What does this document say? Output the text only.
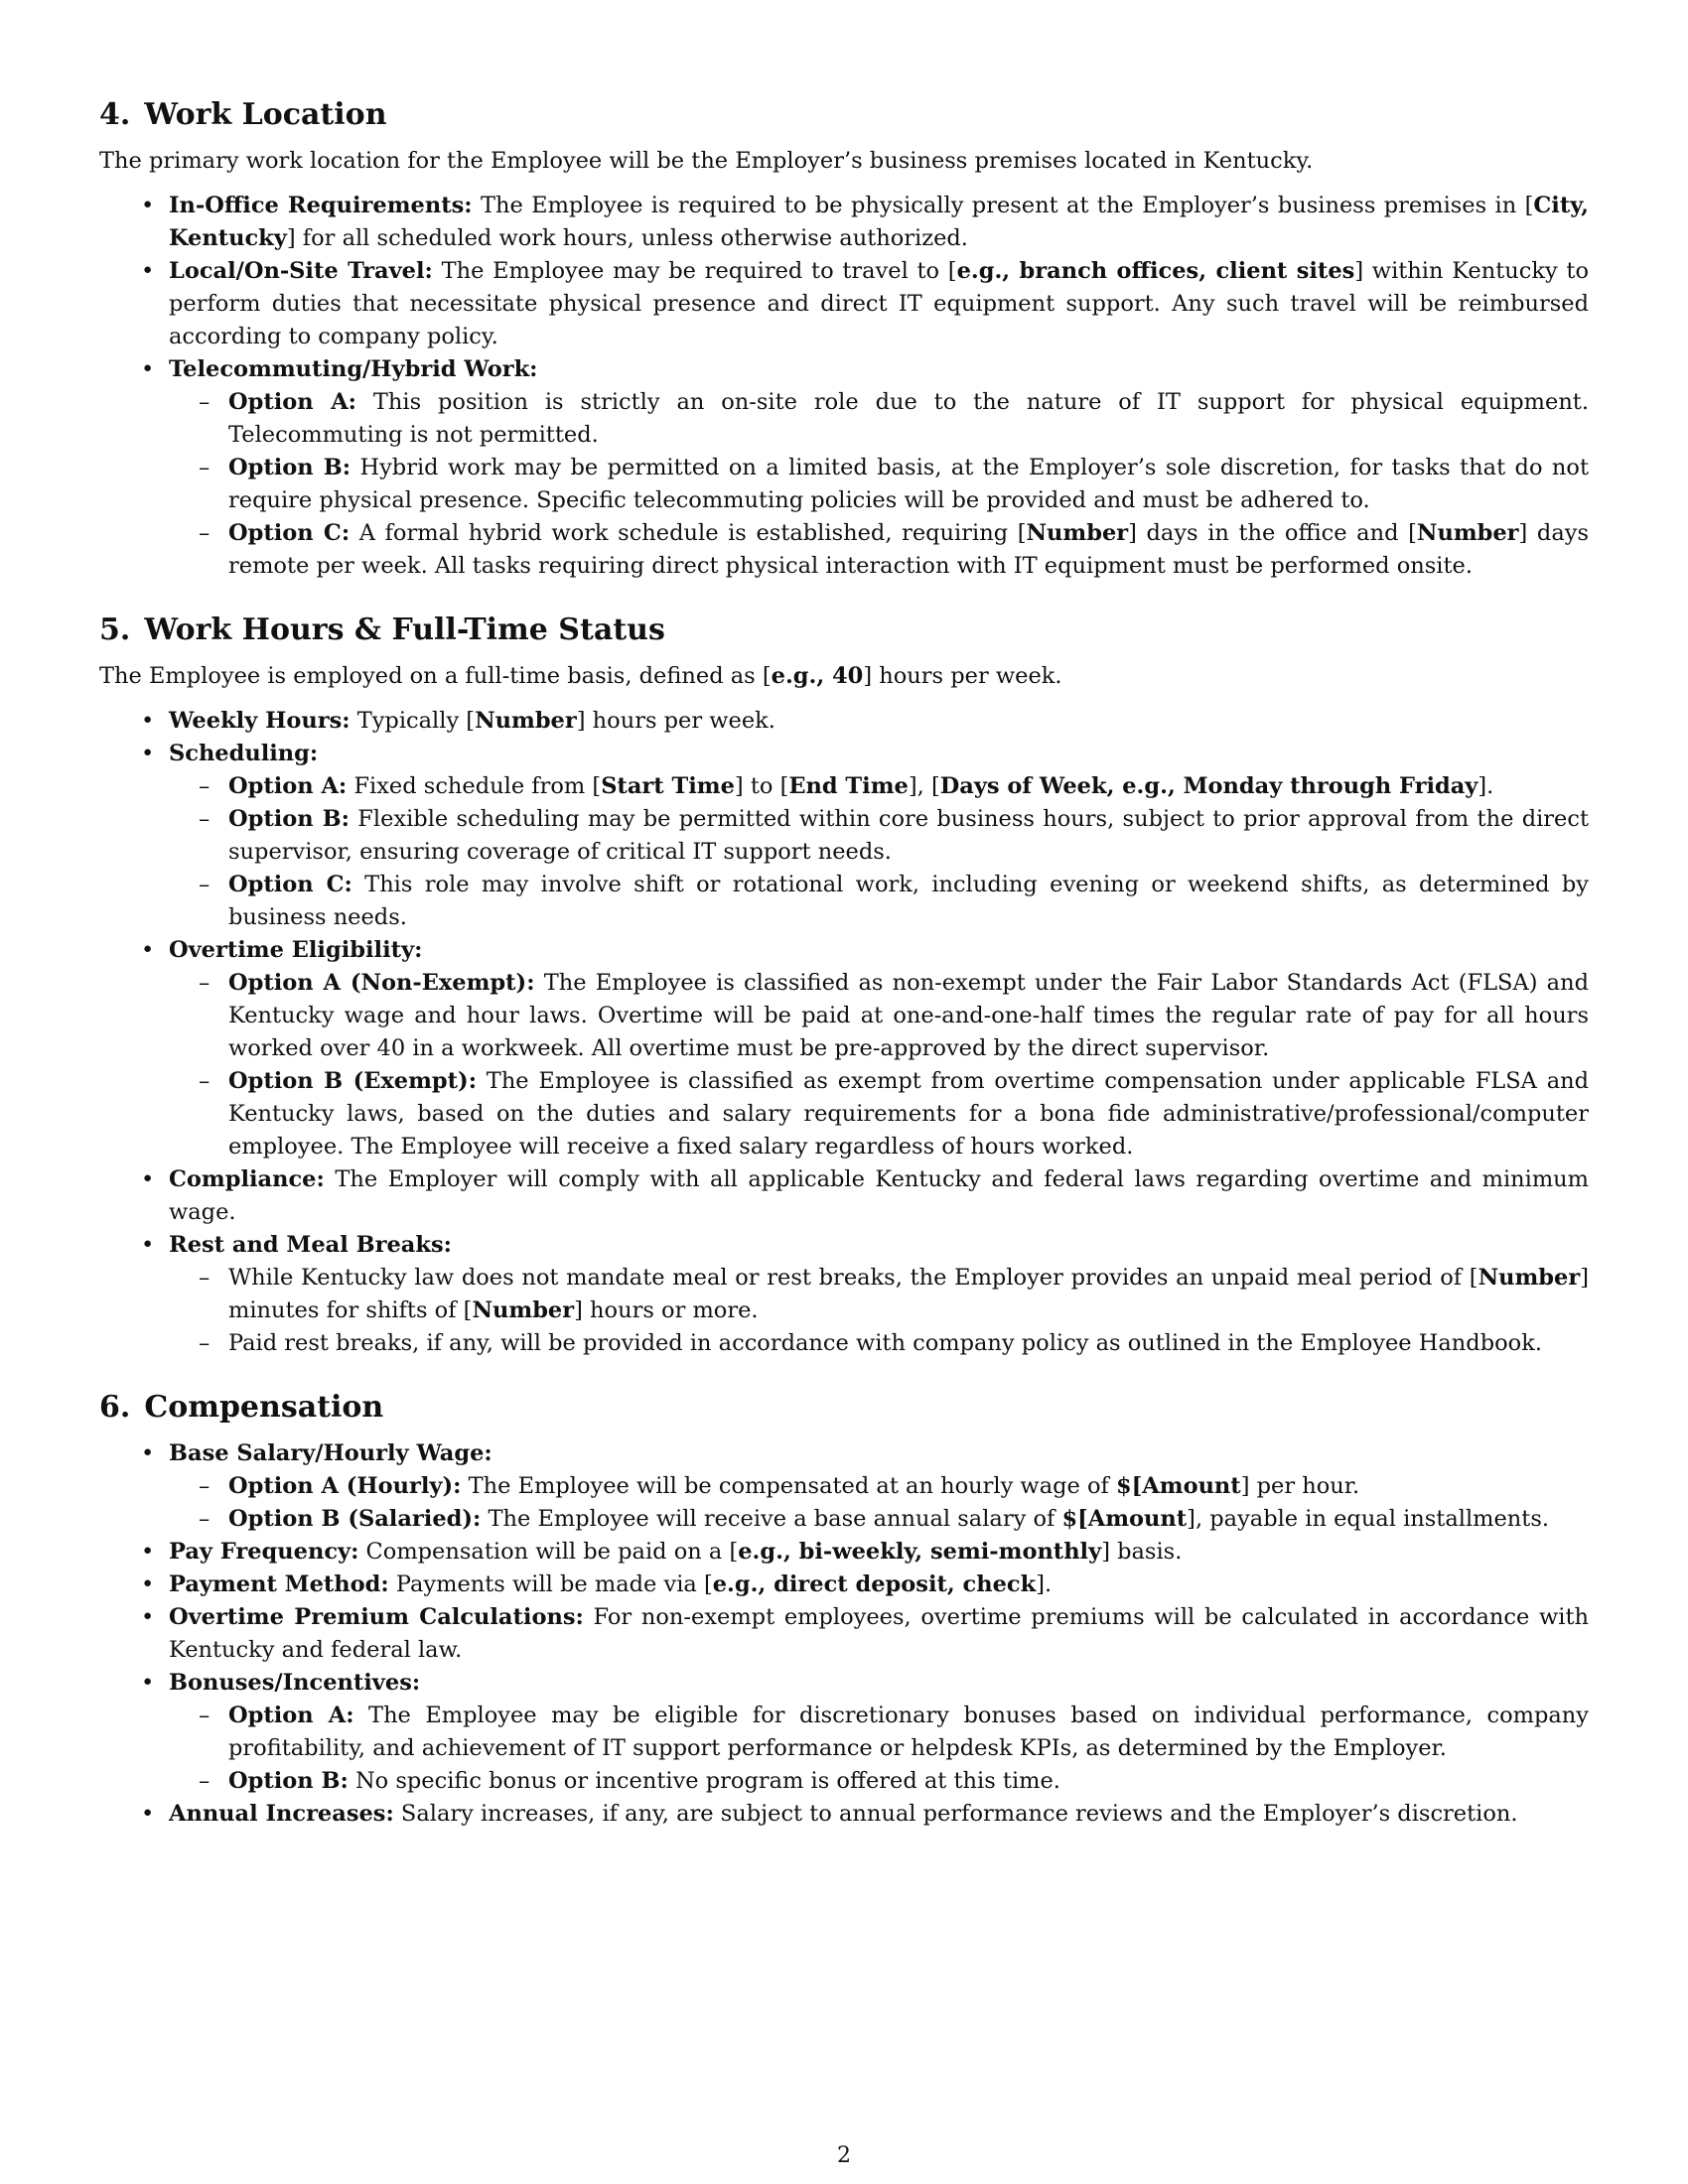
4. Work Location

The primary work location for the Employee will be the Employer’s business premises located in Kentucky.

• In-Office Requirements: The Employee is required to be physically present at the Employer’s business premises in [City, Kentucky] for all scheduled work hours, unless otherwise authorized.
• Local/On-Site Travel: The Employee may be required to travel to [e.g., branch offices, client sites] within Kentucky to perform duties that necessitate physical presence and direct IT equipment support. Any such travel will be reimbursed according to company policy.
• Telecommuting/Hybrid Work:
– Option A: This position is strictly an on-site role due to the nature of IT support for physical equipment. Telecommuting is not permitted.
– Option B: Hybrid work may be permitted on a limited basis, at the Employer’s sole discretion, for tasks that do not require physical presence. Specific telecommuting policies will be provided and must be adhered to.
– Option C: A formal hybrid work schedule is established, requiring [Number] days in the office and [Number] days remote per week. All tasks requiring direct physical interaction with IT equipment must be performed onsite.
5. Work Hours & Full-Time Status

The Employee is employed on a full-time basis, defined as [e.g., 40] hours per week.

• Weekly Hours: Typically [Number] hours per week.
• Scheduling:
– Option A: Fixed schedule from [Start Time] to [End Time], [Days of Week, e.g., Monday through Friday].
– Option B: Flexible scheduling may be permitted within core business hours, subject to prior approval from the direct supervisor, ensuring coverage of critical IT support needs.
– Option C: This role may involve shift or rotational work, including evening or weekend shifts, as determined by business needs.
• Overtime Eligibility:
– Option A (Non-Exempt): The Employee is classified as non-exempt under the Fair Labor Standards Act (FLSA) and Kentucky wage and hour laws. Overtime will be paid at one-and-one-half times the regular rate of pay for all hours worked over 40 in a workweek. All overtime must be pre-approved by the direct supervisor.
– Option B (Exempt): The Employee is classified as exempt from overtime compensation under applicable FLSA and Kentucky laws, based on the duties and salary requirements for a bona fide administrative/professional/computer employee. The Employee will receive a fixed salary regardless of hours worked.
• Compliance: The Employer will comply with all applicable Kentucky and federal laws regarding overtime and minimum wage.
• Rest and Meal Breaks:
– While Kentucky law does not mandate meal or rest breaks, the Employer provides an unpaid meal period of [Number] minutes for shifts of [Number] hours or more.
– Paid rest breaks, if any, will be provided in accordance with company policy as outlined in the Employee Handbook.
6. Compensation
• Base Salary/Hourly Wage:
– Option A (Hourly): The Employee will be compensated at an hourly wage of $[Amount] per hour.
– Option B (Salaried): The Employee will receive a base annual salary of $[Amount], payable in equal installments.
• Pay Frequency: Compensation will be paid on a [e.g., bi-weekly, semi-monthly] basis.
• Payment Method: Payments will be made via [e.g., direct deposit, check].
• Overtime Premium Calculations: For non-exempt employees, overtime premiums will be calculated in accordance with Kentucky and federal law.
• Bonuses/Incentives:
– Option A: The Employee may be eligible for discretionary bonuses based on individual performance, company profitability, and achievement of IT support performance or helpdesk KPIs, as determined by the Employer.
– Option B: No specific bonus or incentive program is offered at this time.
• Annual Increases: Salary increases, if any, are subject to annual performance reviews and the Employer’s discretion.
2
